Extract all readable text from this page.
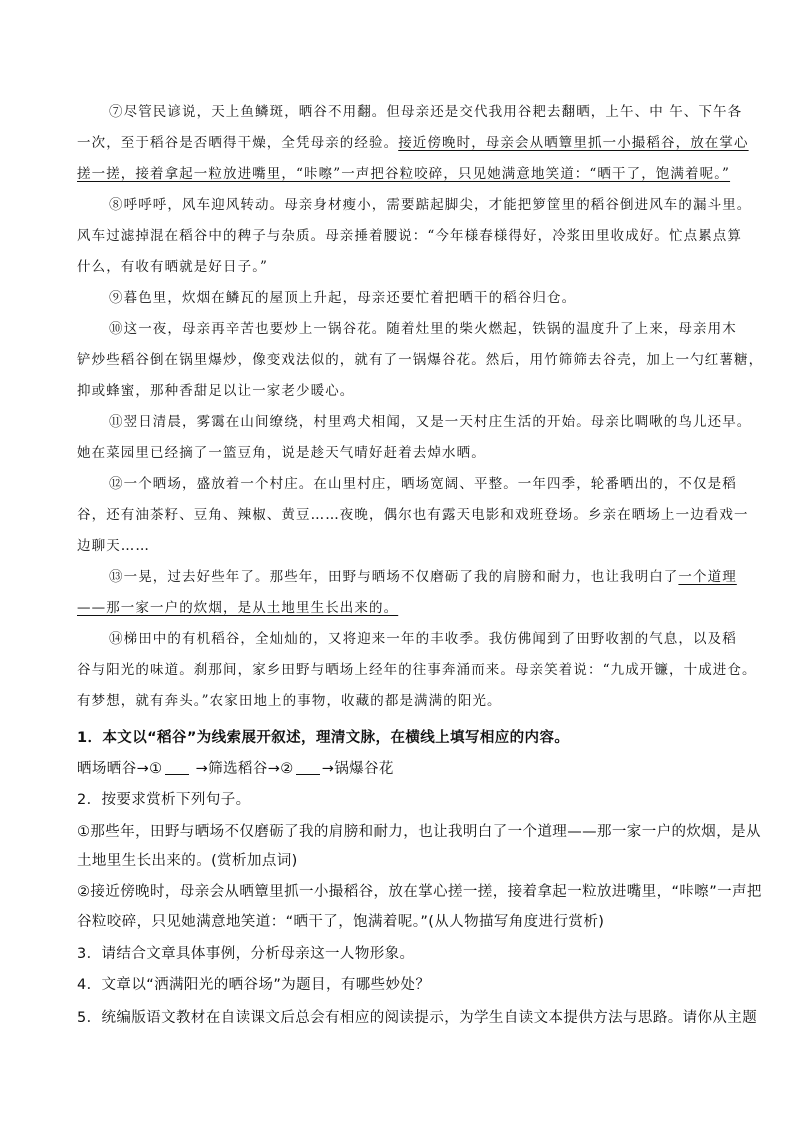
⑦尽管民谚说，天上鱼鳞斑，晒谷不用翻。但母亲还是交代我用谷耙去翻晒，上午、中 午、下午各
一次，至于稻谷是否晒得干燥，全凭母亲的经验。接近傍晚时，母亲会从晒簟里抓一小撮稻谷，放在掌心
搓一搓，接着拿起一粒放进嘴里，“咔嚓”一声把谷粒咬碎，只见她满意地笑道：“晒干了，饱满着呢。”
⑧呼呼呼，风车迎风转动。母亲身材瘦小，需要踮起脚尖，才能把箩筐里的稻谷倒进风车的漏斗里。
风车过滤掉混在稻谷中的稗子与杂质。母亲捶着腰说：“今年様春様得好，冷浆田里收成好。忙点累点算
什么，有收有晒就是好日子。”
⑨暮色里，炊烟在鳞瓦的屋顶上升起，母亲还要忙着把晒干的稻谷归仓。
⑩这一夜，母亲再辛苦也要炒上一锅谷花。随着灶里的柴火燃起，铁锅的温度升了上来，母亲用木
铲炒些稻谷倒在锅里爆炒，像变戏法似的，就有了一锅爆谷花。然后，用竹筛筛去谷壳，加上一勺红薯糖，
抑或蜂蜜，那种香甜足以让一家老少暖心。
⑪翌日清晨，雾霭在山间缭绕，村里鸡犬相闻，又是一天村庄生活的开始。母亲比啁啾的鸟儿还早。
她在菜园里已经摘了一篮豆角，说是趁天气晴好赶着去焯水晒。
⑫一个晒场，盛放着一个村庄。在山里村庄，晒场宽阔、平整。一年四季，轮番晒出的，不仅是稻
谷，还有油茶籽、豆角、辣椒、黄豆……夜晚，偶尔也有露天电影和戏班登场。乡亲在晒场上一边看戏一
边聊天……
⑬一晃，过去好些年了。那些年，田野与晒场不仅磨砺了我的肩膀和耐力，也让我明白了一个道理
——那一家一户的炊烟，是从土地里生长出来的。
⑭梯田中的有机稻谷，全灿灿的，又将迎来一年的丰收季。我仿佛闻到了田野收割的气息，以及稻
谷与阳光的味道。刹那间，家乡田野与晒场上经年的往事奔涌而来。母亲笑着说：“九成开镰，十成进仓。
有梦想，就有奔头。”农家田地上的事物，收藏的都是满满的阳光。
1．本文以“稻谷”为线索展开叙述，理清文脉，在横线上填写相应的内容。
晒场晒谷→① →筛选稻谷→② →锅爆谷花
2．按要求赏析下列句子。
①那些年，田野与晒场不仅磨砺了我的肩膀和耐力，也让我明白了一个道理——那一家一户的炊烟，是从
土地里生长出来的。(赏析加点词)
②接近傍晚时，母亲会从晒簟里抓一小撮稻谷，放在掌心搓一搓，接着拿起一粒放进嘴里，“咔嚓”一声把
谷粒咬碎，只见她满意地笑道：“晒干了，饱满着呢。”(从人物描写角度进行赏析)
3．请结合文章具体事例，分析母亲这一人物形象。
4．文章以“洒满阳光的晒谷场”为题目，有哪些妙处？
5．统编版语文教材在自读课文后总会有相应的阅读提示，为学生自读文本提供方法与思路。请你从主题
